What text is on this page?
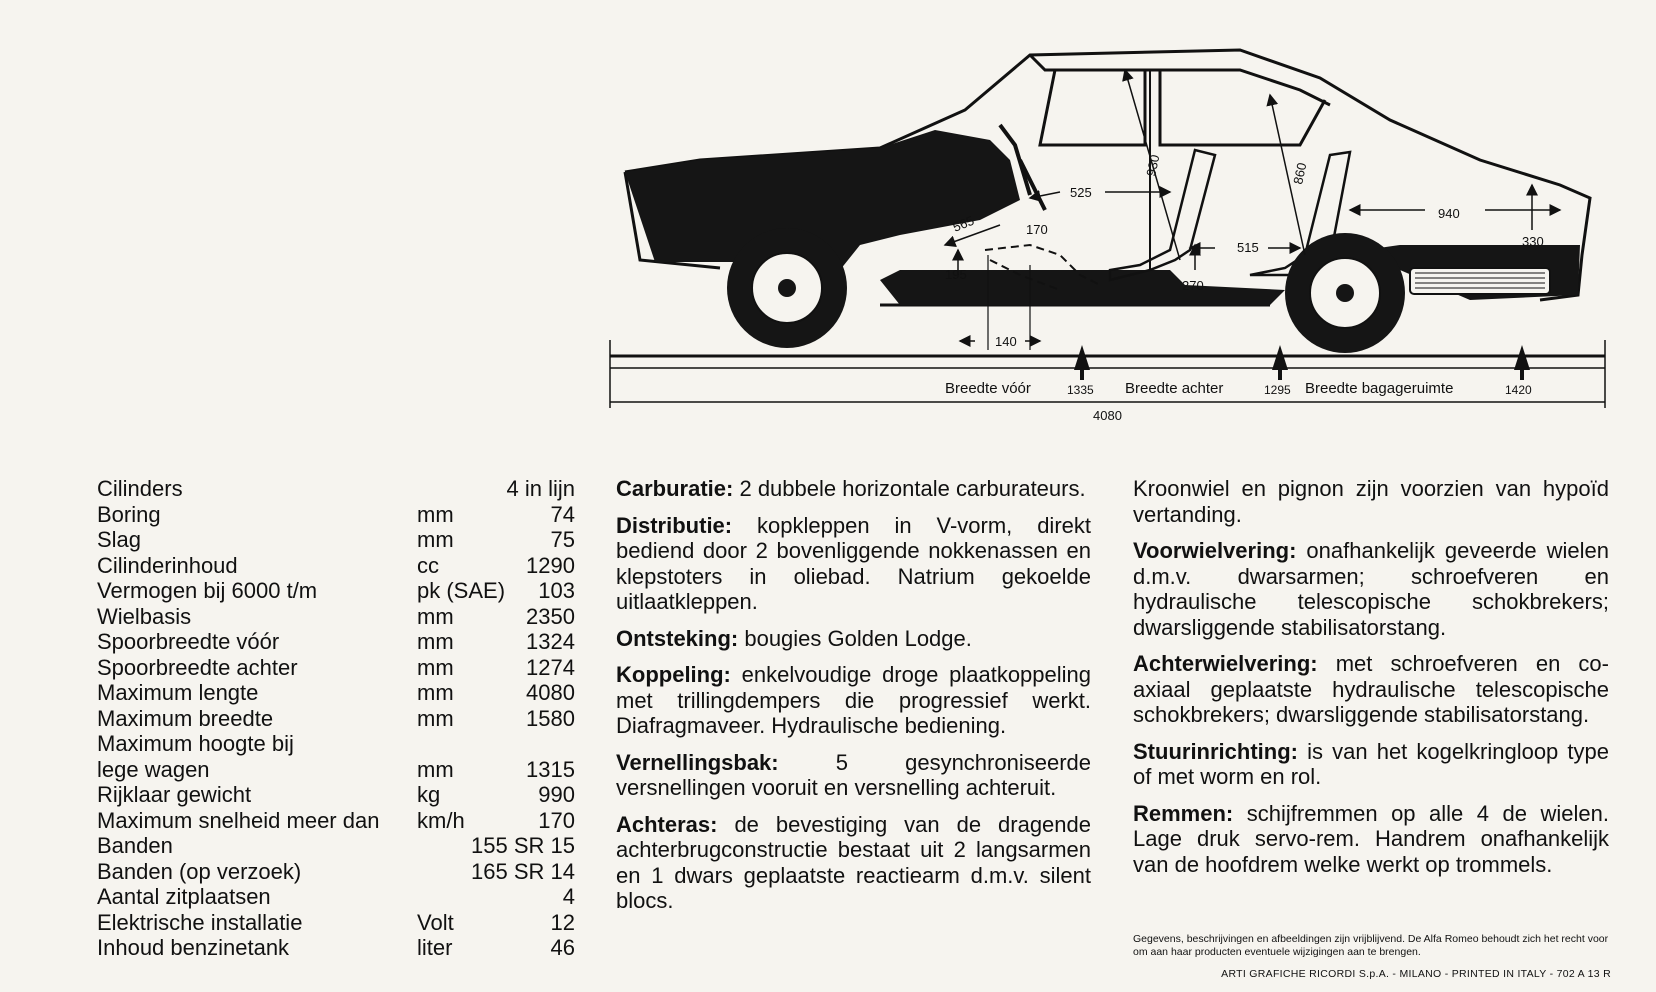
565
525
170
930	860
940
330
515
270
195
140
4080
Breedte vóór	1335 Breedte achter	1295 Breedte bagageruimte	1420
Cilinders	4 in lijn	
Boring	mm	74
Slag	mm	75
Cilinderinhoud	cc	1290
Vermogen bij 6000 t/m	pk (SAE)	103
Wielbasis	mm	2350
Spoorbreedte vóór	mm	1324
Spoorbreedte achter	mm	1274
Maximum lengte	mm	4080
Maximum breedte	mm	1580
Maximum hoogte bij		
lege wagen	mm	1315
Rijklaar gewicht	kg	990
Maximum snelheid meer dan	km/h	170
Banden	155 SR 15	
Banden (op verzoek)	165 SR 14	
Aantal zitplaatsen	4	
Elektrische installatie	Volt	12
Inhoud benzinetank	liter	46

Carburatie: 2 dubbele horizontale carburateurs.

Distributie: kopkleppen in V-vorm, direkt bediend door 2 bovenliggende nokkenassen en klepstoters in oliebad. Natrium gekoelde uitlaatkleppen.

Ontsteking: bougies Golden Lodge.

Koppeling: enkelvoudige droge plaatkoppeling met trillingdempers die progressief werkt. Diafragmaveer. Hydraulische bediening.

Vernellingsbak: 5 gesynchroniseerde versnellingen vooruit en versnelling achteruit.

Achteras: de bevestiging van de dragende achterbrugconstructie bestaat uit 2 langsarmen en 1 dwars geplaatste reactiearm d.m.v. silent blocs.

Kroonwiel en pignon zijn voorzien van hypoïd vertanding.

Voorwielvering: onafhankelijk geveerde wielen d.m.v. dwarsarmen; schroefveren en hydraulische telescopische schokbrekers; dwarsliggende stabilisatorstang.

Achterwielvering: met schroefveren en co-axiaal geplaatste hydraulische telescopische schokbrekers; dwarsliggende stabilisatorstang.

Stuurinrichting: is van het kogelkringloop type of met worm en rol.

Remmen: schijfremmen op alle 4 de wielen. Lage druk servo-rem. Handrem onafhankelijk van de hoofdrem welke werkt op trommels.

Gegevens, beschrijvingen en afbeeldingen zijn vrijblijvend. De Alfa Romeo behoudt zich het recht voor om aan haar producten eventuele wijzigingen aan te brengen.
ARTI GRAFICHE RICORDI S.p.A. - MILANO - PRINTED IN ITALY - 702 A 13 R
